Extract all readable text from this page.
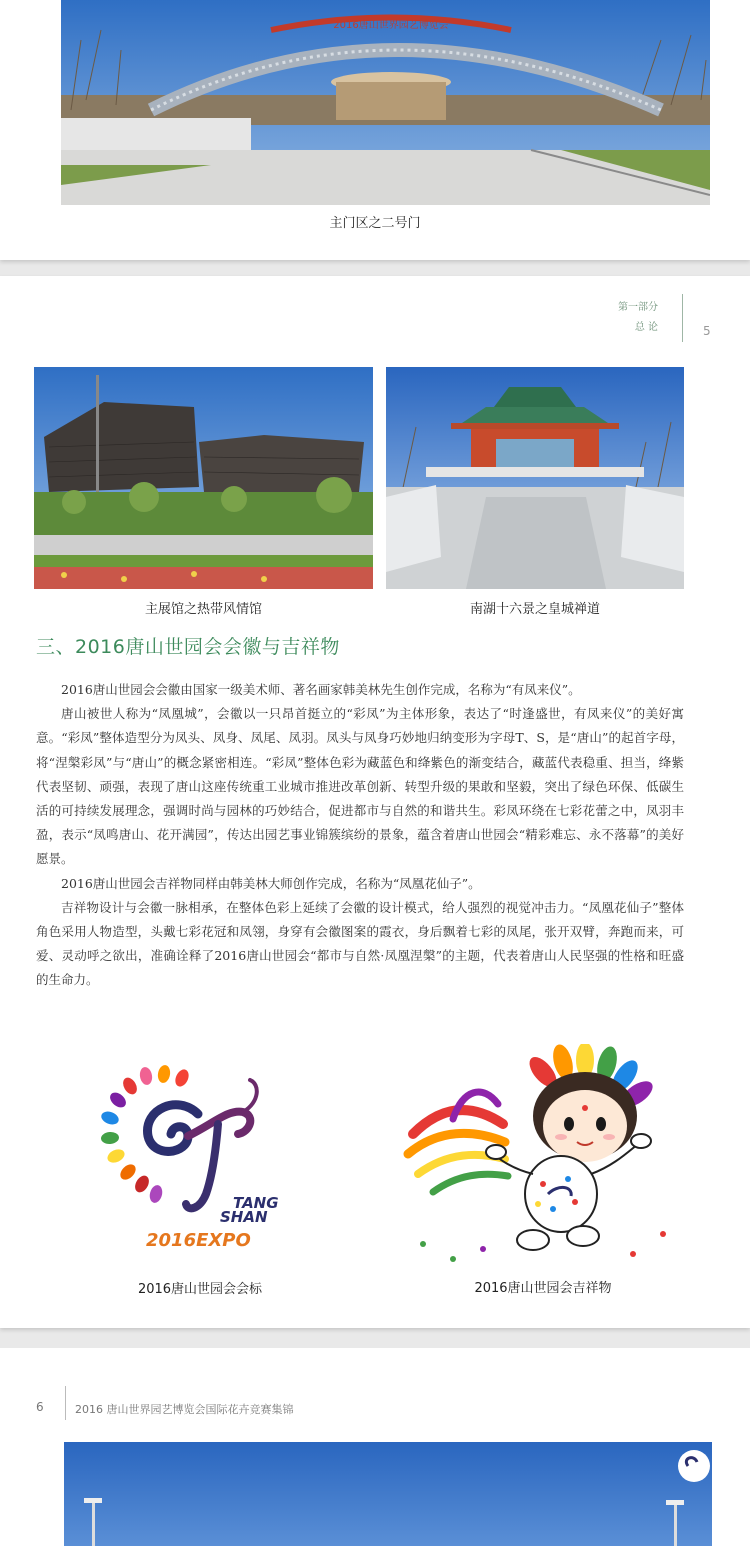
2016唐山世界园艺博览会
主门区之二号门
第一部分
总 论	5
主展馆之热带风情馆	南湖十六景之皇城禅道
三、2016唐山世园会会徽与吉祥物

2016唐山世园会会徽由国家一级美术师、著名画家韩美林先生创作完成，名称为“有凤来仪”。

唐山被世人称为“凤凰城”，会徽以一只昂首挺立的“彩凤”为主体形象，表达了“时逢盛世，有凤来仪”的美好寓意。“彩凤”整体造型分为凤头、凤身、凤尾、凤羽。凤头与凤身巧妙地归纳变形为字母T、S，是“唐山”的起首字母，将“涅槃彩凤”与“唐山”的概念紧密相连。“彩凤”整体色彩为藏蓝色和绛紫色的渐变结合，藏蓝代表稳重、担当，绛紫代表坚韧、顽强，表现了唐山这座传统重工业城市推进改革创新、转型升级的果敢和坚毅，突出了绿色环保、低碳生活的可持续发展理念，强调时尚与园林的巧妙结合，促进都市与自然的和谐共生。彩凤环绕在七彩花蕾之中，凤羽丰盈，表示“凤鸣唐山、花开满园”，传达出园艺事业锦簇缤纷的景象，蕴含着唐山世园会“精彩难忘、永不落幕”的美好愿景。

2016唐山世园会吉祥物同样由韩美林大师创作完成，名称为“凤凰花仙子”。

吉祥物设计与会徽一脉相承，在整体色彩上延续了会徽的设计模式，给人强烈的视觉冲击力。“凤凰花仙子”整体角色采用人物造型，头戴七彩花冠和凤翎，身穿有会徽图案的霞衣，身后飘着七彩的凤尾，张开双臂，奔跑而来，可爱、灵动呼之欲出，准确诠释了2016唐山世园会“都市与自然·凤凰涅槃”的主题，代表着唐山人民坚强的性格和旺盛的生命力。

TANG
SHAN
2016EXPO
2016唐山世园会会标	2016唐山世园会吉祥物
6	2016 唐山世界园艺博览会国际花卉竞赛集锦
